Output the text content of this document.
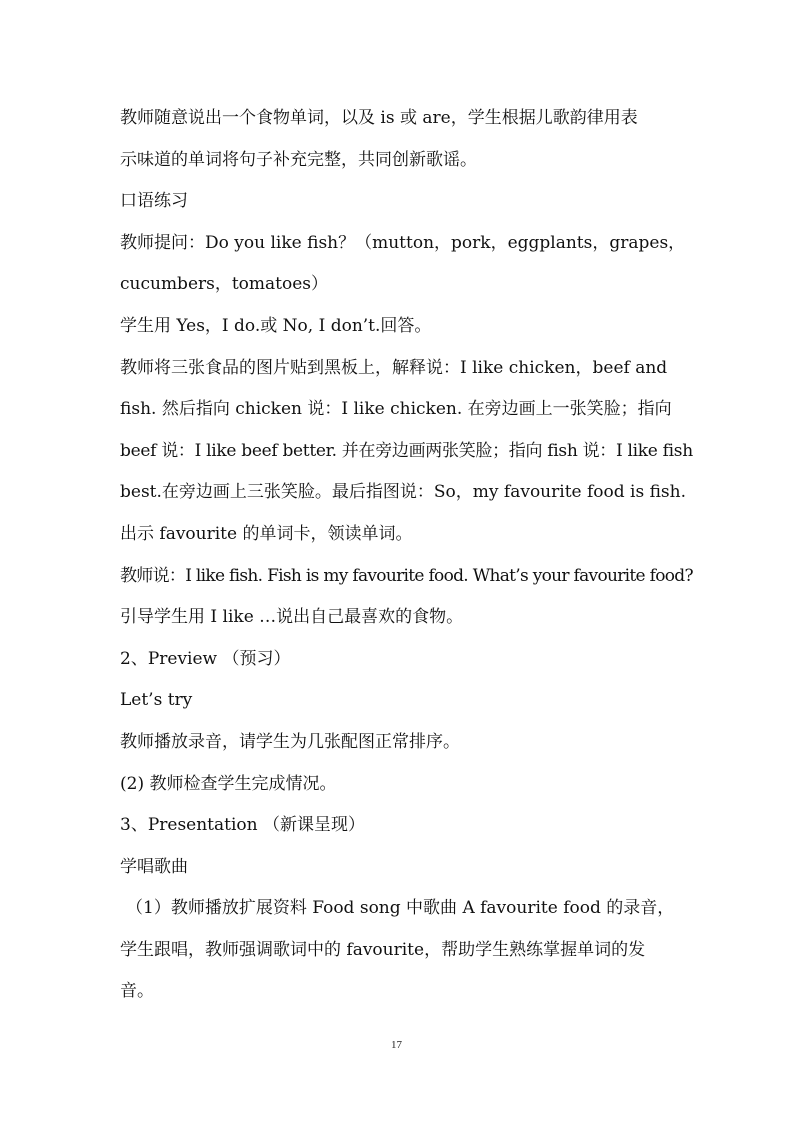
教师随意说出一个食物单词，以及 is 或 are，学生根据儿歌韵律用表
示味道的单词将句子补充完整，共同创新歌谣。
口语练习
教师提问：Do you like fish？（mutton，pork，eggplants，grapes，
cucumbers，tomatoes）
学生用 Yes，I do.或 No, I don’t.回答。
教师将三张食品的图片贴到黑板上，解释说：I like chicken，beef and
fish. 然后指向 chicken 说：I like chicken. 在旁边画上一张笑脸；指向
beef 说：I like beef better. 并在旁边画两张笑脸；指向 fish 说：I like fish
best.在旁边画上三张笑脸。最后指图说：So，my favourite food is fish.
出示 favourite 的单词卡，领读单词。
教师说：I like fish. Fish is my favourite food. What’s your favourite food?
引导学生用 I like …说出自己最喜欢的食物。
2、Preview （预习）
Let’s try
教师播放录音，请学生为几张配图正常排序。
(2) 教师检查学生完成情况。
3、Presentation （新课呈现）
学唱歌曲
（1）教师播放扩展资料 Food song 中歌曲 A favourite food 的录音，
学生跟唱，教师强调歌词中的 favourite，帮助学生熟练掌握单词的发
音。
17
